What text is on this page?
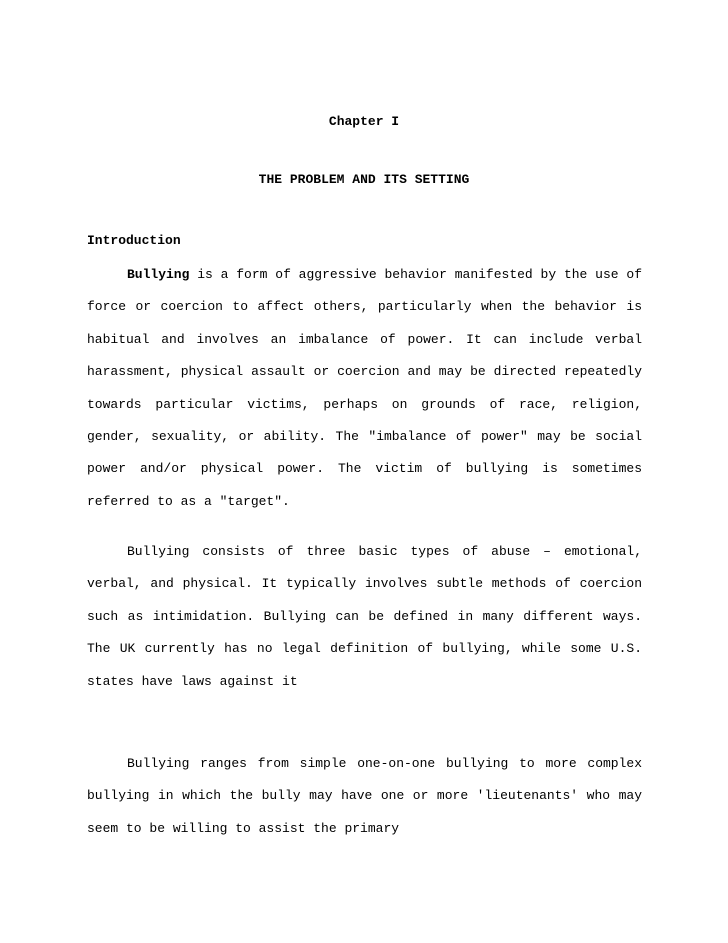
Chapter I
THE PROBLEM AND ITS SETTING
Introduction

Bullying is a form of aggressive behavior manifested by the use of force or coercion to affect others, particularly when the behavior is habitual and involves an imbalance of power. It can include verbal harassment, physical assault or coercion and may be directed repeatedly towards particular victims, perhaps on grounds of race, religion, gender, sexuality, or ability. The "imbalance of power" may be social power and/or physical power. The victim of bullying is sometimes referred to as a "target".

Bullying consists of three basic types of abuse – emotional, verbal, and physical. It typically involves subtle methods of coercion such as intimidation. Bullying can be defined in many different ways. The UK currently has no legal definition of bullying, while some U.S. states have laws against it

Bullying ranges from simple one-on-one bullying to more complex bullying in which the bully may have one or more 'lieutenants' who may seem to be willing to assist the primary
